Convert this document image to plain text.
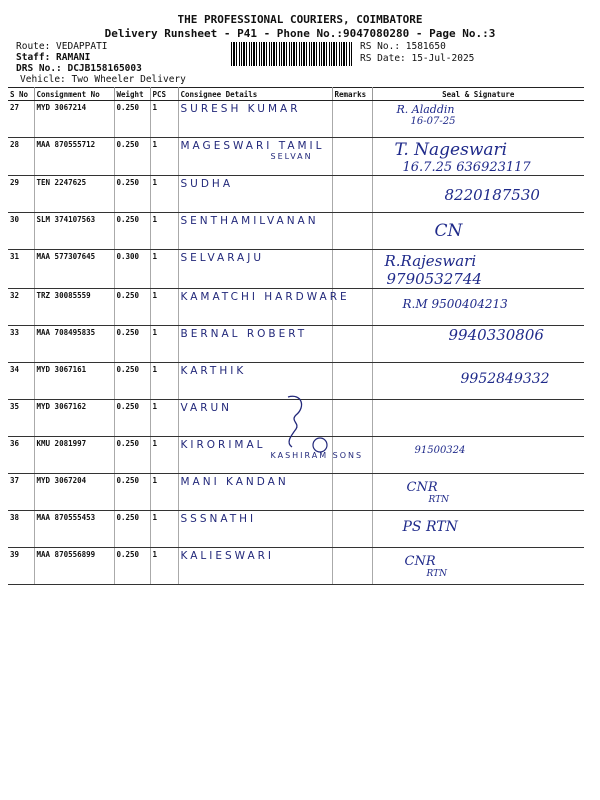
THE PROFESSIONAL COURIERS, COIMBATORE
Delivery Runsheet - P41 - Phone No.:9047080280 - Page No.:3
Route: VEDAPPATI
Staff: RAMANI
DRS No.: DCJB158165003
Vehicle: Two Wheeler Delivery
RS No.: 1581650
RS Date: 15-Jul-2025
S No	Consignment No	Weight	PCS	Consignee Details	Remarks	Seal & Signature
27	MYD 3067214	0.250	1	SURESH KUMAR		R. Aladdin
16-07-25

28	MAA 870555712	0.250	1	MAGESWARI TAMIL
SELVAN		T. Nageswari
16.7.25 636923117

29	TEN 2247625	0.250	1	SUDHA		8220187530

30	SLM 374107563	0.250	1	SENTHAMILVANAN		CN

31	MAA 577307645	0.300	1	SELVARAJU		R.Rajeswari
9790532744

32	TRZ 30085559	0.250	1	KAMATCHI HARDWARE		R.M 9500404213

33	MAA 708495835	0.250	1	BERNAL ROBERT		9940330806

34	MYD 3067161	0.250	1	KARTHIK		9952849332

35	MYD 3067162	0.250	1	VARUN		

36	KMU 2081997	0.250	1	KIRORIMAL
KASHIRAM SONS		91500324

37	MYD 3067204	0.250	1	MANI KANDAN		CNR
RTN

38	MAA 870555453	0.250	1	SSSNATHI		PS RTN

39	MAA 870556899	0.250	1	KALIESWARI		CNR
RTN
